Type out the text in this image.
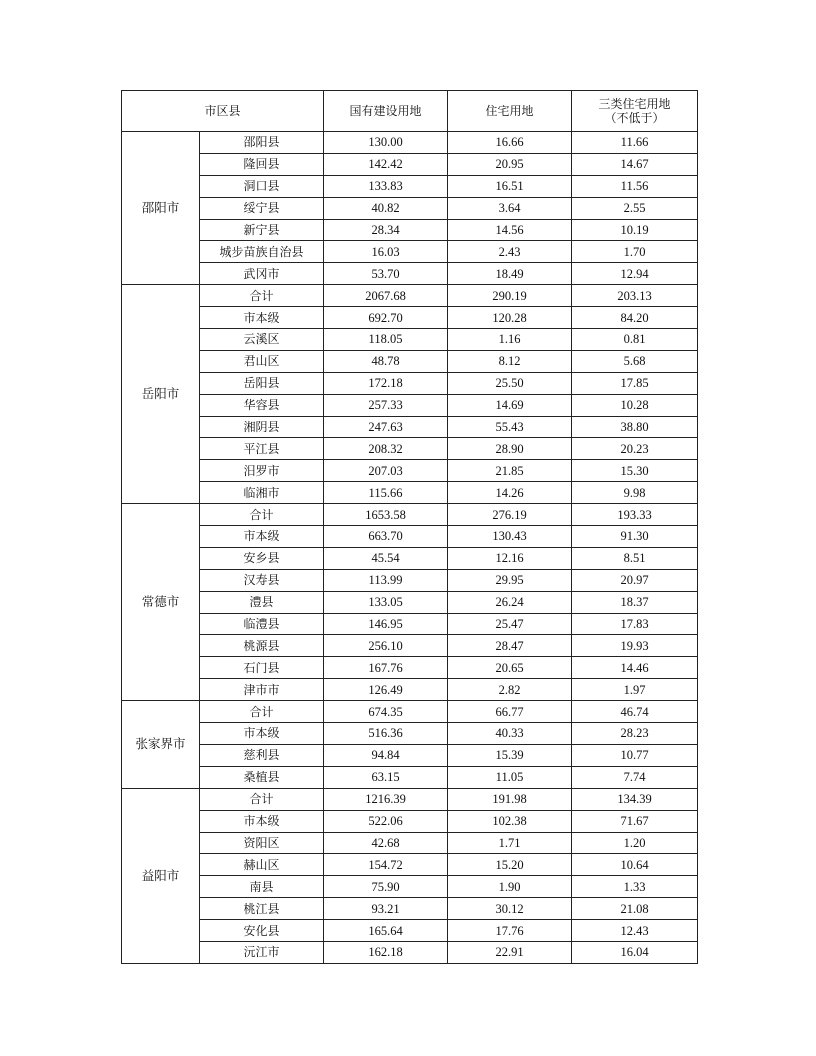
市区县		国有建设用地	住宅用地	三类住宅用地
（不低于）

邵阳市	邵阳县	130.00	16.66	11.66
	隆回县	142.42	20.95	14.67
	洞口县	133.83	16.51	11.56
	绥宁县	40.82	3.64	2.55
	新宁县	28.34	14.56	10.19
	城步苗族自治县	16.03	2.43	1.70
	武冈市	53.70	18.49	12.94
岳阳市	合计	2067.68	290.19	203.13
	市本级	692.70	120.28	84.20
	云溪区	118.05	1.16	0.81
	君山区	48.78	8.12	5.68
	岳阳县	172.18	25.50	17.85
	华容县	257.33	14.69	10.28
	湘阴县	247.63	55.43	38.80
	平江县	208.32	28.90	20.23
	汨罗市	207.03	21.85	15.30
	临湘市	115.66	14.26	9.98
常德市	合计	1653.58	276.19	193.33
	市本级	663.70	130.43	91.30
	安乡县	45.54	12.16	8.51
	汉寿县	113.99	29.95	20.97
	澧县	133.05	26.24	18.37
	临澧县	146.95	25.47	17.83
	桃源县	256.10	28.47	19.93
	石门县	167.76	20.65	14.46
	津市市	126.49	2.82	1.97
张家界市	合计	674.35	66.77	46.74
	市本级	516.36	40.33	28.23
	慈利县	94.84	15.39	10.77
	桑植县	63.15	11.05	7.74
益阳市	合计	1216.39	191.98	134.39
	市本级	522.06	102.38	71.67
	资阳区	42.68	1.71	1.20
	赫山区	154.72	15.20	10.64
	南县	75.90	1.90	1.33
	桃江县	93.21	30.12	21.08
	安化县	165.64	17.76	12.43
	沅江市	162.18	22.91	16.04
